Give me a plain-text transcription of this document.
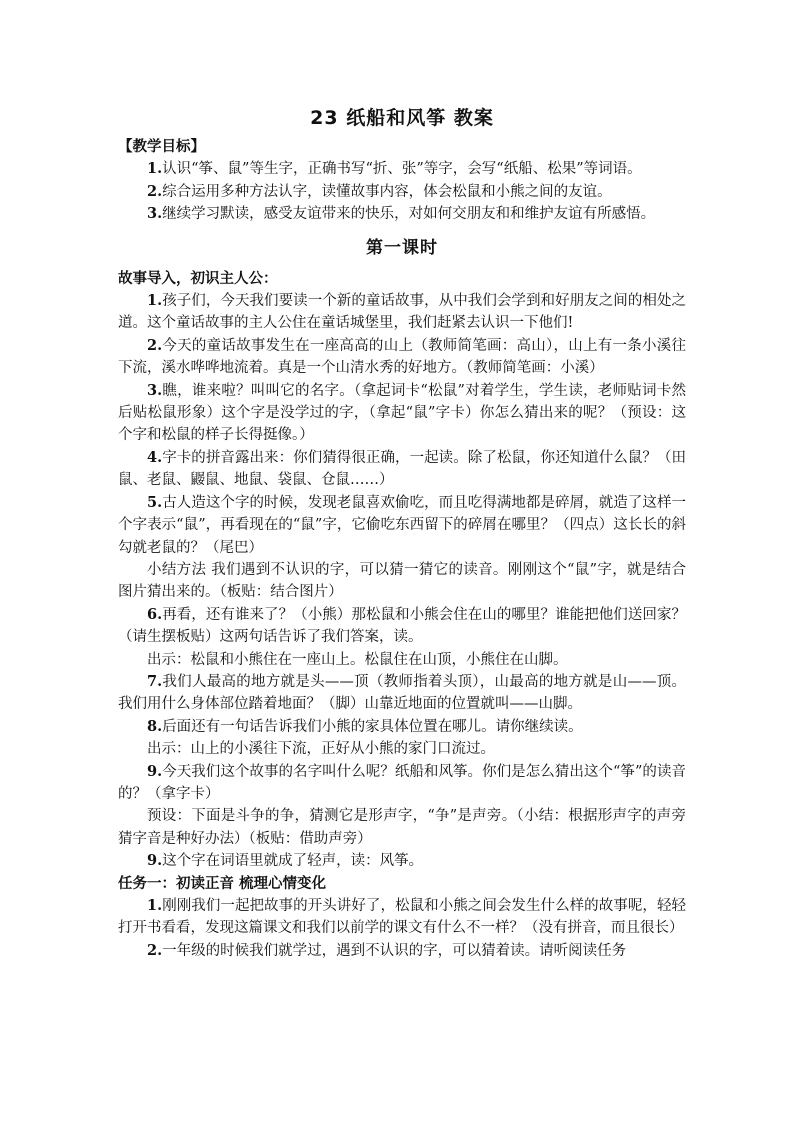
23 纸船和风筝 教案
【教学目标】

1.认识“筝、鼠”等生字，正确书写“折、张”等字，会写“纸船、松果”等词语。

2.综合运用多种方法认字，读懂故事内容，体会松鼠和小熊之间的友谊。

3.继续学习默读，感受友谊带来的快乐，对如何交朋友和和维护友谊有所感悟。

第一课时
故事导入，初识主人公：

1.孩子们，今天我们要读一个新的童话故事，从中我们会学到和好朋友之间的相处之道。这个童话故事的主人公住在童话城堡里，我们赶紧去认识一下他们!

2.今天的童话故事发生在一座高高的山上（教师简笔画：高山），山上有一条小溪往下流，溪水哗哗地流着。真是一个山清水秀的好地方。（教师简笔画：小溪）

3.瞧，谁来啦？叫叫它的名字。（拿起词卡“松鼠”对着学生，学生读，老师贴词卡然后贴松鼠形象）这个字是没学过的字，（拿起“鼠”字卡）你怎么猜出来的呢？（预设：这个字和松鼠的样子长得挺像。）

4.字卡的拼音露出来：你们猜得很正确，一起读。除了松鼠，你还知道什么鼠？（田鼠、老鼠、鼹鼠、地鼠、袋鼠、仓鼠……）

5.古人造这个字的时候，发现老鼠喜欢偷吃，而且吃得满地都是碎屑，就造了这样一个字表示“鼠”，再看现在的“鼠”字，它偷吃东西留下的碎屑在哪里？（四点）这长长的斜勾就老鼠的？（尾巴）

小结方法 我们遇到不认识的字，可以猜一猜它的读音。刚刚这个“鼠”字，就是结合图片猜出来的。（板贴：结合图片）

6.再看，还有谁来了？（小熊）那松鼠和小熊会住在山的哪里？谁能把他们送回家？（请生摆板贴）这两句话告诉了我们答案，读。

出示：松鼠和小熊住在一座山上。松鼠住在山顶，小熊住在山脚。

7.我们人最高的地方就是头——顶（教师指着头顶），山最高的地方就是山——顶。我们用什么身体部位踏着地面？（脚）山靠近地面的位置就叫——山脚。

8.后面还有一句话告诉我们小熊的家具体位置在哪儿。请你继续读。

出示：山上的小溪往下流，正好从小熊的家门口流过。

9.今天我们这个故事的名字叫什么呢？纸船和风筝。你们是怎么猜出这个“筝”的读音的？（拿字卡）

预设：下面是斗争的争，猜测它是形声字，“争”是声旁。（小结：根据形声字的声旁猜字音是种好办法）（板贴：借助声旁）

9.这个字在词语里就成了轻声，读：风筝。

任务一：初读正音 梳理心情变化

1.刚刚我们一起把故事的开头讲好了，松鼠和小熊之间会发生什么样的故事呢，轻轻打开书看看，发现这篇课文和我们以前学的课文有什么不一样？（没有拼音，而且很长）

2.一年级的时候我们就学过，遇到不认识的字，可以猜着读。请听阅读任务
